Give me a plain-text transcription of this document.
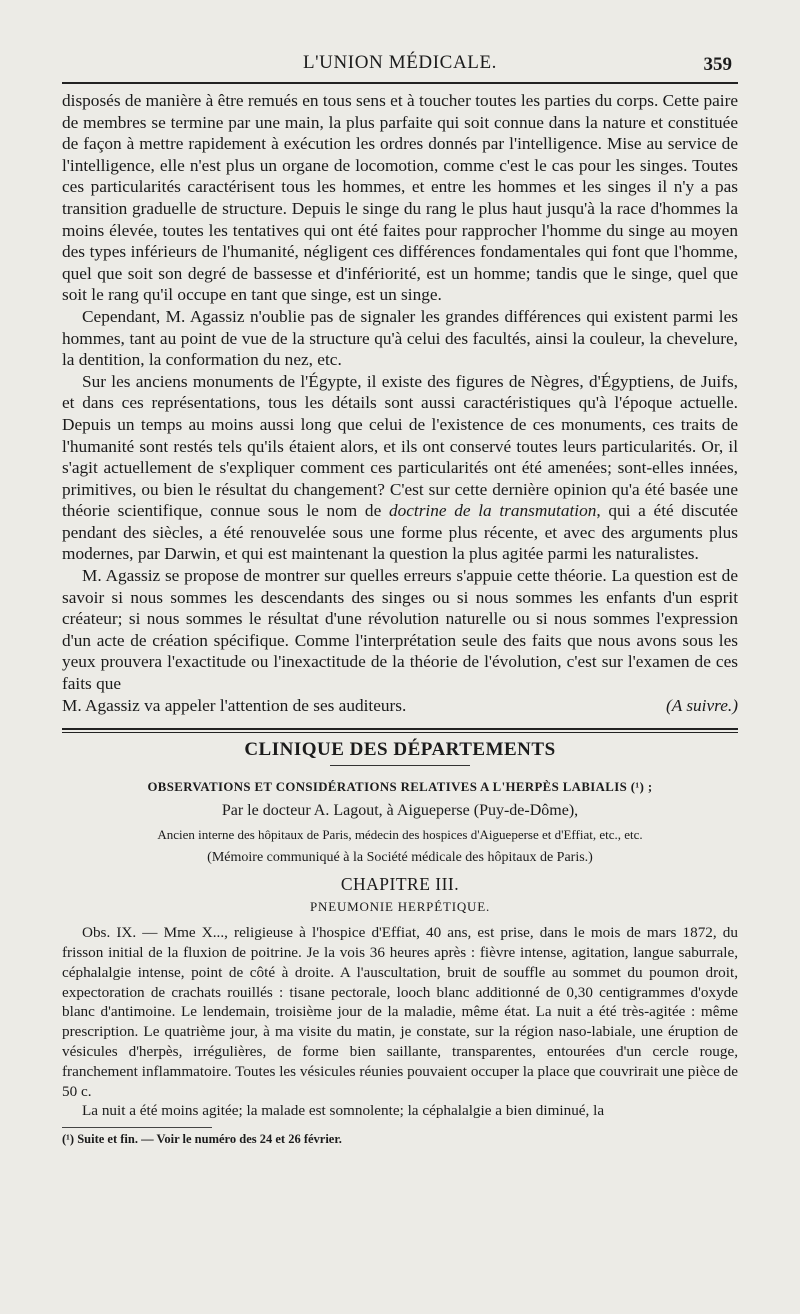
L'UNION MÉDICALE.	359

disposés de manière à être remués en tous sens et à toucher toutes les parties du corps. Cette paire de membres se termine par une main, la plus parfaite qui soit connue dans la nature et constituée de façon à mettre rapidement à exécution les ordres donnés par l'intelligence. Mise au service de l'intelligence, elle n'est plus un organe de locomotion, comme c'est le cas pour les singes. Toutes ces particularités caractérisent tous les hommes, et entre les hommes et les singes il n'y a pas transition graduelle de structure. Depuis le singe du rang le plus haut jusqu'à la race d'hommes la moins élevée, toutes les tentatives qui ont été faites pour rapprocher l'homme du singe au moyen des types inférieurs de l'humanité, négligent ces différences fondamentales qui font que l'homme, quel que soit son degré de bassesse et d'infériorité, est un homme; tandis que le singe, quel que soit le rang qu'il occupe en tant que singe, est un singe.

Cependant, M. Agassiz n'oublie pas de signaler les grandes différences qui existent parmi les hommes, tant au point de vue de la structure qu'à celui des facultés, ainsi la couleur, la chevelure, la dentition, la conformation du nez, etc.

Sur les anciens monuments de l'Égypte, il existe des figures de Nègres, d'Égyptiens, de Juifs, et dans ces représentations, tous les détails sont aussi caractéristiques qu'à l'époque actuelle. Depuis un temps au moins aussi long que celui de l'existence de ces monuments, ces traits de l'humanité sont restés tels qu'ils étaient alors, et ils ont conservé toutes leurs particularités. Or, il s'agit actuellement de s'expliquer comment ces particularités ont été amenées; sont-elles innées, primitives, ou bien le résultat du changement? C'est sur cette dernière opinion qu'a été basée une théorie scientifique, connue sous le nom de doctrine de la transmutation, qui a été discutée pendant des siècles, a été renouvelée sous une forme plus récente, et avec des arguments plus modernes, par Darwin, et qui est maintenant la question la plus agitée parmi les naturalistes.

M. Agassiz se propose de montrer sur quelles erreurs s'appuie cette théorie. La question est de savoir si nous sommes les descendants des singes ou si nous sommes les enfants d'un esprit créateur; si nous sommes le résultat d'une révolution naturelle ou si nous sommes l'expression d'un acte de création spécifique. Comme l'interprétation seule des faits que nous avons sous les yeux prouvera l'exactitude ou l'inexactitude de la théorie de l'évolution, c'est sur l'examen de ces faits que

M. Agassiz va appeler l'attention de ses auditeurs.	(A suivre.)
CLINIQUE DES DÉPARTEMENTS
OBSERVATIONS ET CONSIDÉRATIONS RELATIVES A L'HERPÈS LABIALIS (¹) ;
Par le docteur A. Lagout, à Aigueperse (Puy-de-Dôme),
Ancien interne des hôpitaux de Paris, médecin des hospices d'Aigueperse et d'Effiat, etc., etc.
(Mémoire communiqué à la Société médicale des hôpitaux de Paris.)
CHAPITRE III.
PNEUMONIE HERPÉTIQUE.

Obs. IX. — Mme X..., religieuse à l'hospice d'Effiat, 40 ans, est prise, dans le mois de mars 1872, du frisson initial de la fluxion de poitrine. Je la vois 36 heures après : fièvre intense, agitation, langue saburrale, céphalalgie intense, point de côté à droite. A l'auscultation, bruit de souffle au sommet du poumon droit, expectoration de crachats rouillés : tisane pectorale, looch blanc additionné de 0,30 centigrammes d'oxyde blanc d'antimoine. Le lendemain, troisième jour de la maladie, même état. La nuit a été très-agitée : même prescription. Le quatrième jour, à ma visite du matin, je constate, sur la région naso-labiale, une éruption de vésicules d'herpès, irrégulières, de forme bien saillante, transparentes, entourées d'un cercle rouge, franchement inflammatoire. Toutes les vésicules réunies pouvaient occuper la place que couvrirait une pièce de 50 c.

La nuit a été moins agitée; la malade est somnolente; la céphalalgie a bien diminué, la

(¹) Suite et fin. — Voir le numéro des 24 et 26 février.
